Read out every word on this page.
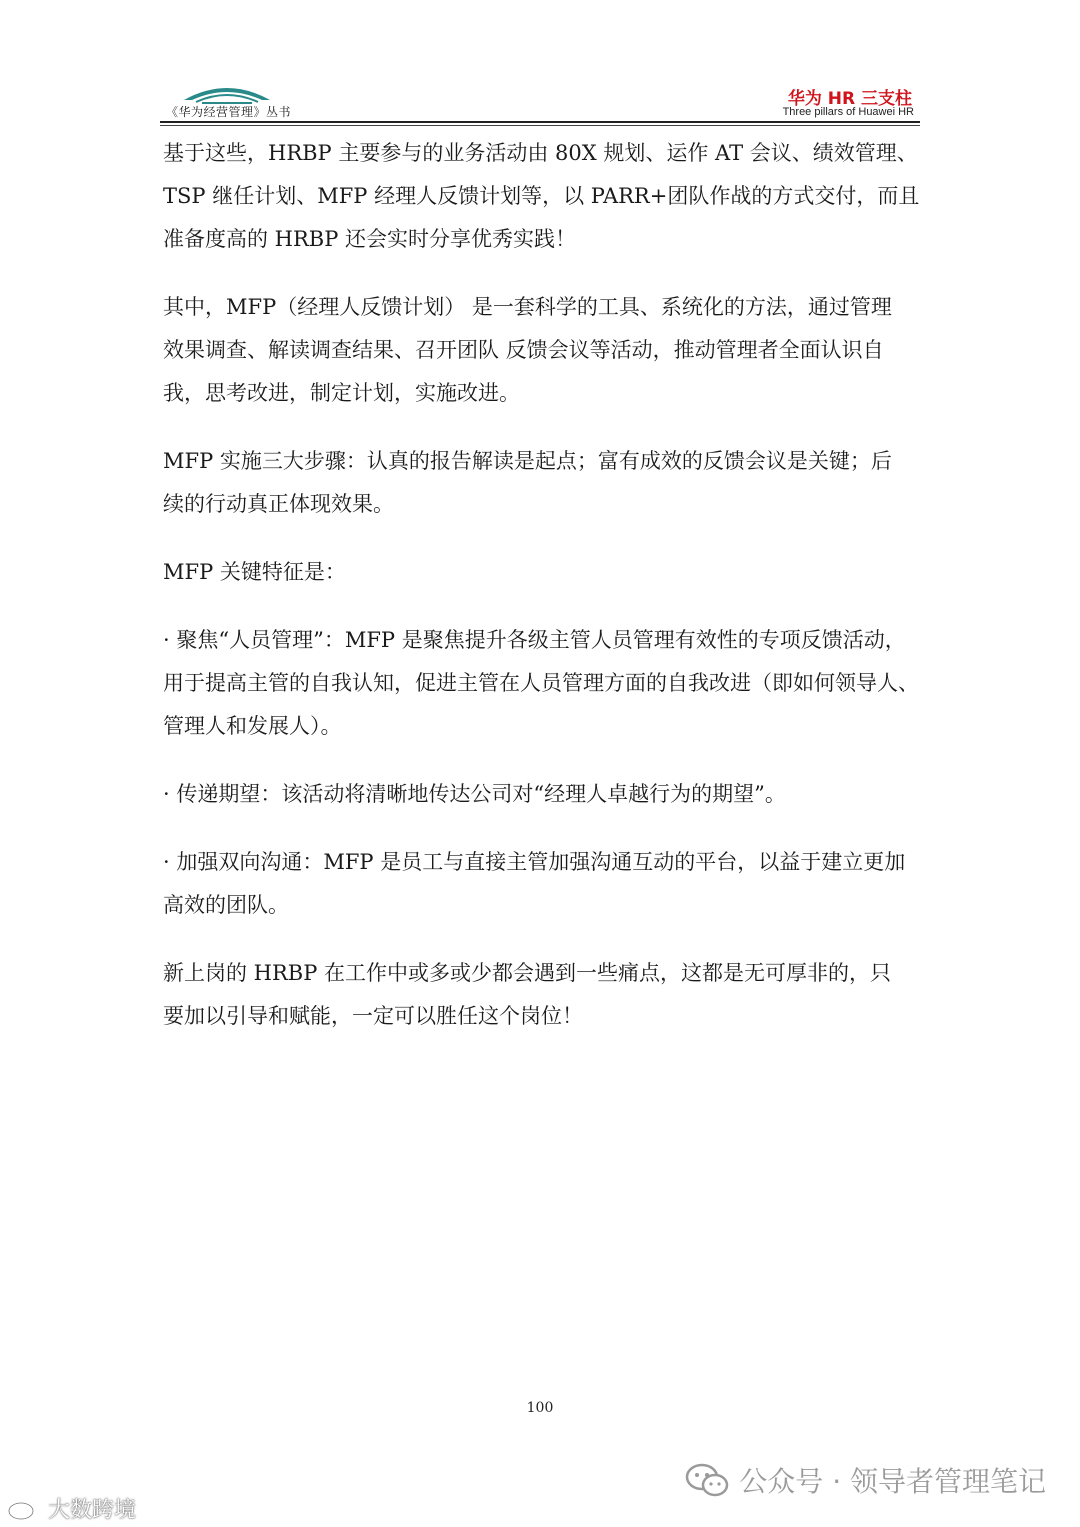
《华为经营管理》丛书
华为 HR 三支柱
Three pillars of Huawei HR
基于这些，HRBP 主要参与的业务活动由 80X 规划、运作 AT 会议、绩效管理、
TSP 继任计划、MFP 经理人反馈计划等，以 PARR+团队作战的方式交付，而且
准备度高的 HRBP 还会实时分享优秀实践！
其中，MFP（经理人反馈计划） 是一套科学的工具、系统化的方法，通过管理
效果调查、解读调查结果、召开团队 反馈会议等活动，推动管理者全面认识自
我，思考改进，制定计划，实施改进。
MFP 实施三大步骤：认真的报告解读是起点；富有成效的反馈会议是关键；后
续的行动真正体现效果。
MFP 关键特征是：
· 聚焦“人员管理”：MFP 是聚焦提升各级主管人员管理有效性的专项反馈活动，
用于提高主管的自我认知，促进主管在人员管理方面的自我改进（即如何领导人、
管理人和发展人）。
· 传递期望：该活动将清晰地传达公司对“经理人卓越行为的期望”。
· 加强双向沟通：MFP 是员工与直接主管加强沟通互动的平台，以益于建立更加
高效的团队。
新上岗的 HRBP 在工作中或多或少都会遇到一些痛点，这都是无可厚非的，只
要加以引导和赋能，一定可以胜任这个岗位！
100
公众号 · 领导者管理笔记
大数跨境
